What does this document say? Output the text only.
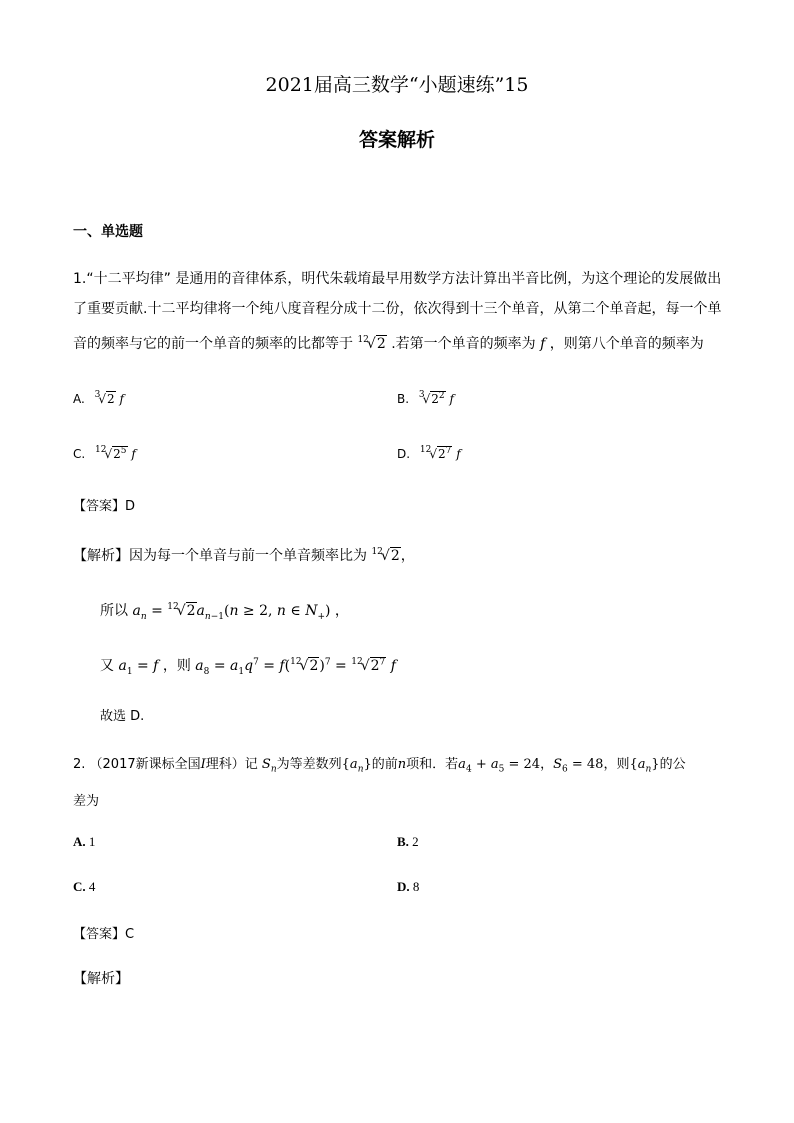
2021届高三数学“小题速练”15
答案解析
一、单选题
1.“十二平均律” 是通用的音律体系，明代朱载堉最早用数学方法计算出半音比例，为这个理论的发展做出
了重要贡献.十二平均律将一个纯八度音程分成十二份，依次得到十三个单音，从第二个单音起，每一个单
音的频率与它的前一个单音的频率的比都等于 $^{12}$√2 .若第一个单音的频率为 f ，则第八个单音的频率为
A. $^3$√2 f	B. $^3√2^2$ f
C. $^{12}√2^5$ f	D. $^{12}√2^7$ f
【答案】D
【解析】因为每一个单音与前一个单音频率比为 $^{12}$√2，
所以 $a_n = ^{12}√2a_{n-1}(n \ge 2$, n ∈ $N_+$) ，
又 $a_1 = f$ ，则 $a_8 = a_1q^7 = f(^{12}√2)^7 = ^{12}√2^7$ f
故选 D.
2. （2017新课标全国I理科）记 $S_n$为等差数列$\{a_n\}$的前n项和．若$a_4 + a_5 = 24$，$S_6 = 48$，则$\{a_n\}$的公
差为
A. 1	B. 2
C. 4	D. 8
【答案】C
【解析】
